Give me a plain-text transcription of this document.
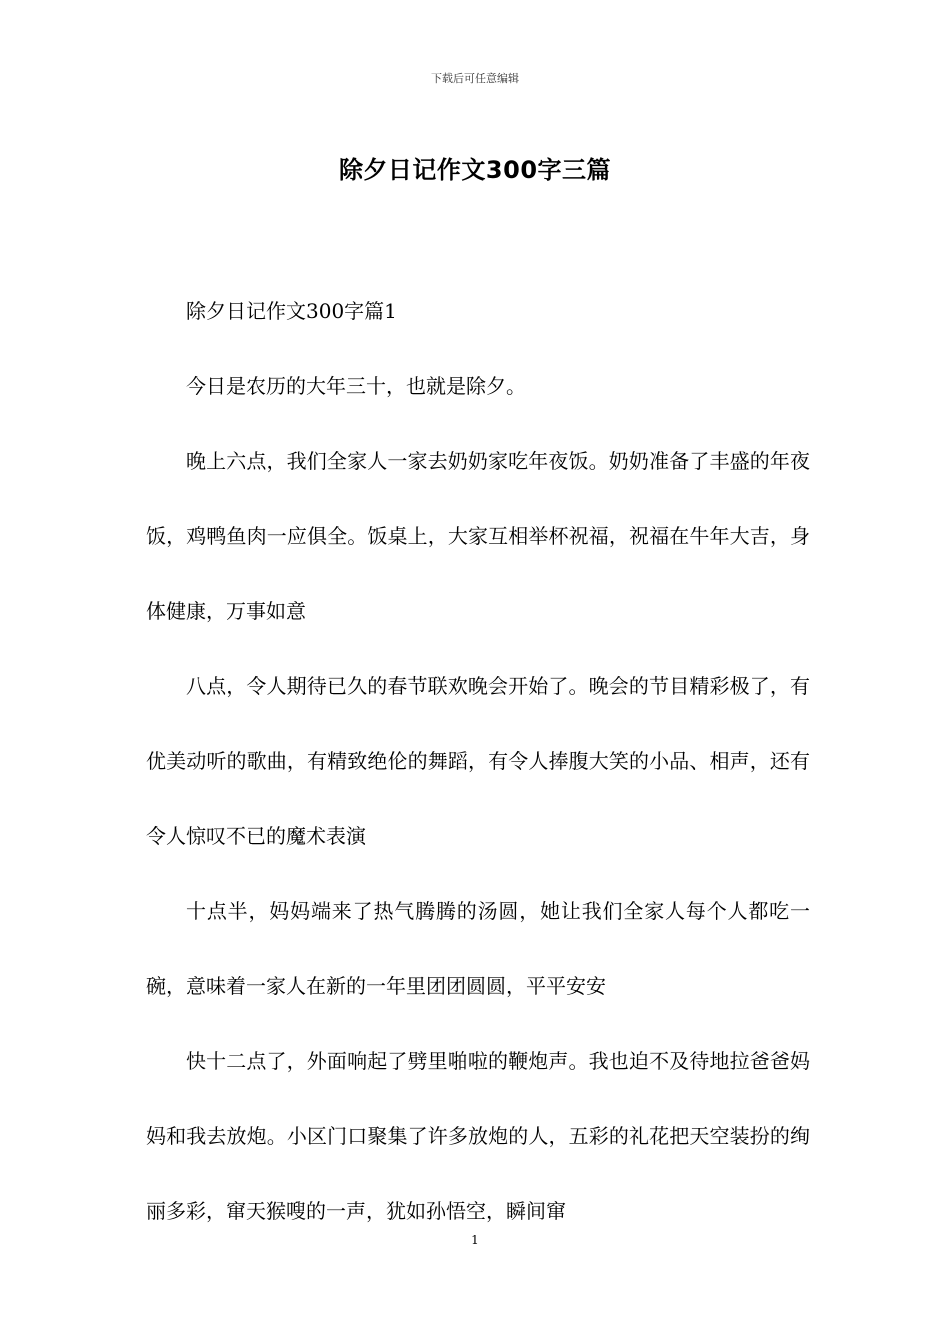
下载后可任意编辑
除夕日记作文300字三篇

除夕日记作文300字篇1

今日是农历的大年三十，也就是除夕。

晚上六点，我们全家人一家去奶奶家吃年夜饭。奶奶准备了丰盛的年夜饭，鸡鸭鱼肉一应俱全。饭桌上，大家互相举杯祝福，祝福在牛年大吉，身体健康，万事如意

八点，令人期待已久的春节联欢晚会开始了。晚会的节目精彩极了，有优美动听的歌曲，有精致绝伦的舞蹈，有令人捧腹大笑的小品、相声，还有令人惊叹不已的魔术表演

十点半，妈妈端来了热气腾腾的汤圆，她让我们全家人每个人都吃一碗，意味着一家人在新的一年里团团圆圆，平平安安

快十二点了，外面响起了劈里啪啦的鞭炮声。我也迫不及待地拉爸爸妈妈和我去放炮。小区门口聚集了许多放炮的人，五彩的礼花把天空装扮的绚丽多彩，窜天猴嗖的一声，犹如孙悟空，瞬间窜

1
